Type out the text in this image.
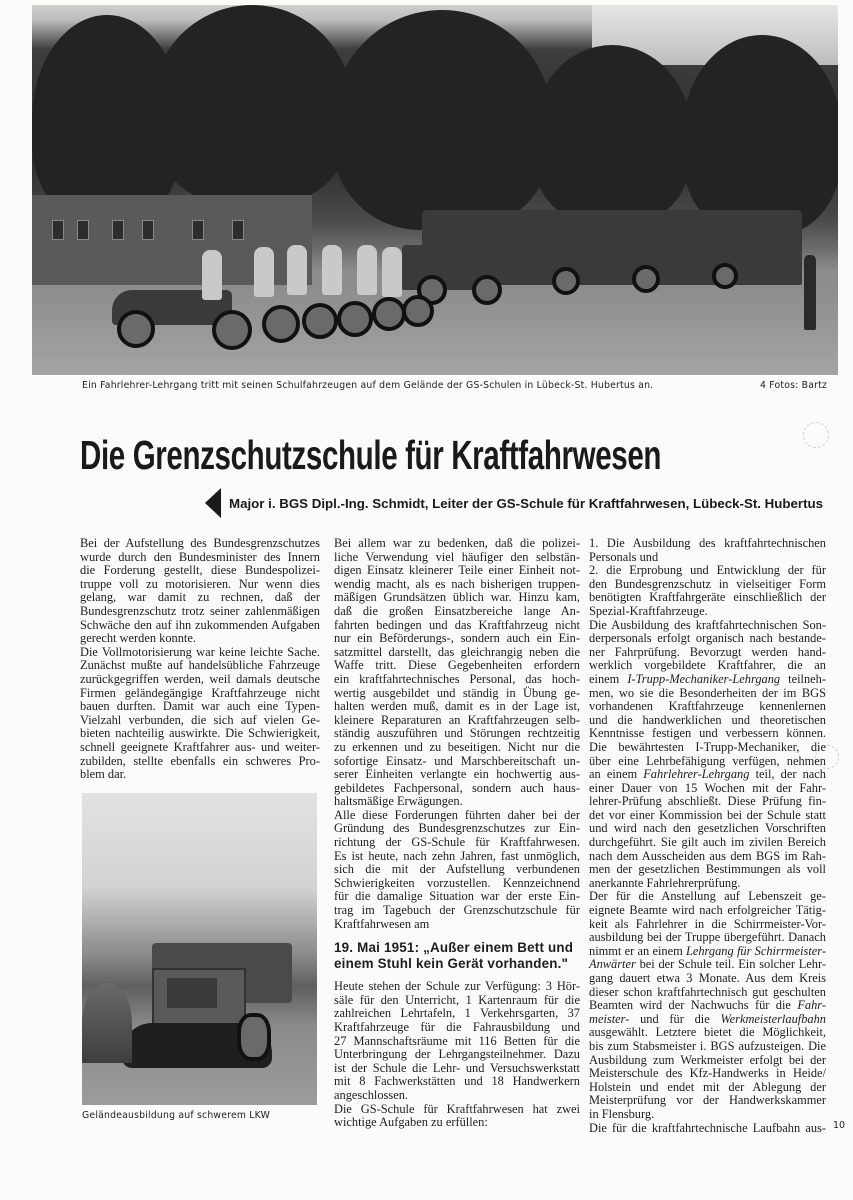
Ein Fahrlehrer-Lehrgang tritt mit seinen Schulfahrzeugen auf dem Gelände der GS-Schulen in Lübeck-St. Hubertus an.	4 Fotos: Bartz
Die Grenzschutzschule für Kraftfahrwesen
Major i. BGS Dipl.-Ing. Schmidt, Leiter der GS-Schule für Kraftfahrwesen, Lübeck-St. Hubertus
Bei der Aufstellung des Bundesgrenzschutzes
wurde durch den Bundesminister des Innern
die Forderung gestellt, diese Bundespolizei-
truppe voll zu motorisieren. Nur wenn dies
gelang, war damit zu rechnen, daß der
Bundesgrenzschutz trotz seiner zahlenmäßigen
Schwäche den auf ihn zukommenden Aufgaben
gerecht werden konnte.
Die Vollmotorisierung war keine leichte Sache.
Zunächst mußte auf handelsübliche Fahrzeuge
zurückgegriffen werden, weil damals deutsche
Firmen geländegängige Kraftfahrzeuge nicht
bauen durften. Damit war auch eine Typen-
Vielzahl verbunden, die sich auf vielen Ge-
bieten nachteilig auswirkte. Die Schwierigkeit,
schnell geeignete Kraftfahrer aus- und weiter-
zubilden, stellte ebenfalls ein schweres Pro-
blem dar.
Bei allem war zu bedenken, daß die polizei-
liche Verwendung viel häufiger den selbstän-
digen Einsatz kleinerer Teile einer Einheit not-
wendig macht, als es nach bisherigen truppen-
mäßigen Grundsätzen üblich war. Hinzu kam,
daß die großen Einsatzbereiche lange An-
fahrten bedingen und das Kraftfahrzeug nicht
nur ein Beförderungs-, sondern auch ein Ein-
satzmittel darstellt, das gleichrangig neben die
Waffe tritt. Diese Gegebenheiten erfordern
ein kraftfahrtechnisches Personal, das hoch-
wertig ausgebildet und ständig in Übung ge-
halten werden muß, damit es in der Lage ist,
kleinere Reparaturen an Kraftfahrzeugen selb-
ständig auszuführen und Störungen rechtzeitig
zu erkennen und zu beseitigen. Nicht nur die
sofortige Einsatz- und Marschbereitschaft un-
serer Einheiten verlangte ein hochwertig aus-
gebildetes Fachpersonal, sondern auch haus-
haltsmäßige Erwägungen.
Alle diese Forderungen führten daher bei der
Gründung des Bundesgrenzschutzes zur Ein-
richtung der GS-Schule für Kraftfahrwesen.
Es ist heute, nach zehn Jahren, fast unmöglich,
sich die mit der Aufstellung verbundenen
Schwierigkeiten vorzustellen. Kennzeichnend
für die damalige Situation war der erste Ein-
trag im Tagebuch der Grenzschutzschule für
Kraftfahrwesen am
19. Mai 1951: „Außer einem Bett und
einem Stuhl kein Gerät vorhanden."
Heute stehen der Schule zur Verfügung: 3 Hör-
säle für den Unterricht, 1 Kartenraum für die
zahlreichen Lehrtafeln, 1 Verkehrsgarten, 37
Kraftfahrzeuge für die Fahrausbildung und
27 Mannschaftsräume mit 116 Betten für die
Unterbringung der Lehrgangsteilnehmer. Dazu
ist der Schule die Lehr- und Versuchswerkstatt
mit 8 Fachwerkstätten und 18 Handwerkern
angeschlossen.
Die GS-Schule für Kraftfahrwesen hat zwei
wichtige Aufgaben zu erfüllen:
1. Die Ausbildung des kraftfahrtechnischen
Personals und
2. die Erprobung und Entwicklung der für
den Bundesgrenzschutz in vielseitiger Form
benötigten Kraftfahrgeräte einschließlich der
Spezial-Kraftfahrzeuge.
Die Ausbildung des kraftfahrtechnischen Son-
derpersonals erfolgt organisch nach bestande-
ner Fahrprüfung. Bevorzugt werden hand-
werklich vorgebildete Kraftfahrer, die an
einem I-Trupp-Mechaniker-Lehrgang teilneh-
men, wo sie die Besonderheiten der im BGS
vorhandenen Kraftfahrzeuge kennenlernen
und die handwerklichen und theoretischen
Kenntnisse festigen und verbessern können.
Die bewährtesten I-Trupp-Mechaniker, die
über eine Lehrbefähigung verfügen, nehmen
an einem Fahrlehrer-Lehrgang teil, der nach
einer Dauer von 15 Wochen mit der Fahr-
lehrer-Prüfung abschließt. Diese Prüfung fin-
det vor einer Kommission bei der Schule statt
und wird nach den gesetzlichen Vorschriften
durchgeführt. Sie gilt auch im zivilen Bereich
nach dem Ausscheiden aus dem BGS im Rah-
men der gesetzlichen Bestimmungen als voll
anerkannte Fahrlehrerprüfung.
Der für die Anstellung auf Lebenszeit ge-
eignete Beamte wird nach erfolgreicher Tätig-
keit als Fahrlehrer in die Schirrmeister-Vor-
ausbildung bei der Truppe übergeführt. Danach
nimmt er an einem Lehrgang für Schirrmeister-
Anwärter bei der Schule teil. Ein solcher Lehr-
gang dauert etwa 3 Monate. Aus dem Kreis
dieser schon kraftfahrtechnisch gut geschulten
Beamten wird der Nachwuchs für die Fahr-
meister- und für die Werkmeisterlaufbahn
ausgewählt. Letztere bietet die Möglichkeit,
bis zum Stabsmeister i. BGS aufzusteigen. Die
Ausbildung zum Werkmeister erfolgt bei der
Meisterschule des Kfz-Handwerks in Heide/
Holstein und endet mit der Ablegung der
Meisterprüfung vor der Handwerkskammer
in Flensburg.
Die für die kraftfahrtechnische Laufbahn aus-
Geländeausbildung auf schwerem LKW
10
